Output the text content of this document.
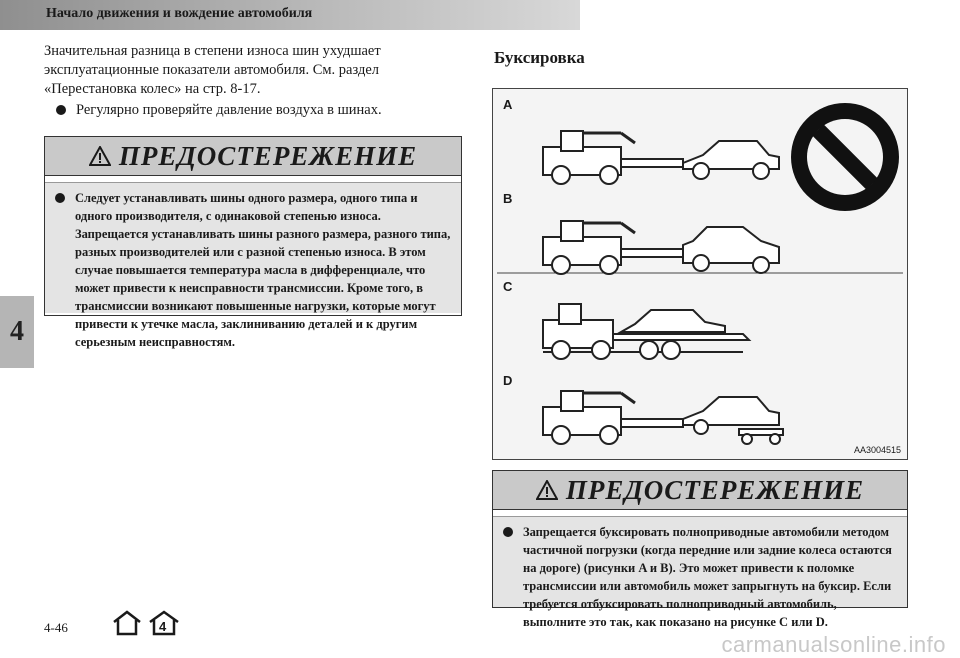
Начало движения и вождение автомобиля
4

Значительная разница в степени износа шин ухудшает эксплуатационные показатели автомобиля. См. раздел «Перестановка колес» на стр. 8-17.

Регулярно проверяйте давление воздуха в шинах.
ПРЕДОСТЕРЕЖЕНИЕ

Следует устанавливать шины одного размера, одного типа и одного производителя, с одинаковой степенью износа. Запрещается устанавливать шины разного размера, разного типа, разных производителей или с разной степенью износа. В этом случае повышается температура масла в дифференциале, что может привести к неисправности трансмиссии. Кроме того, в трансмиссии возникают повышенные нагрузки, которые могут привести к утечке масла, заклиниванию деталей и к другим серьезным неисправностям.

Буксировка
A
B
C
D
AA3004515
ПРЕДОСТЕРЕЖЕНИЕ

Запрещается буксировать полноприводные автомобили методом частичной погрузки (когда передние или задние колеса остаются на дороге) (рисунки A и B). Это может привести к поломке трансмиссии или автомобиль может запрыгнуть на буксир. Если требуется отбуксировать полноприводный автомобиль, выполните это так, как показано на рисунке C или D.

4-46
	4
carmanualsonline.info
